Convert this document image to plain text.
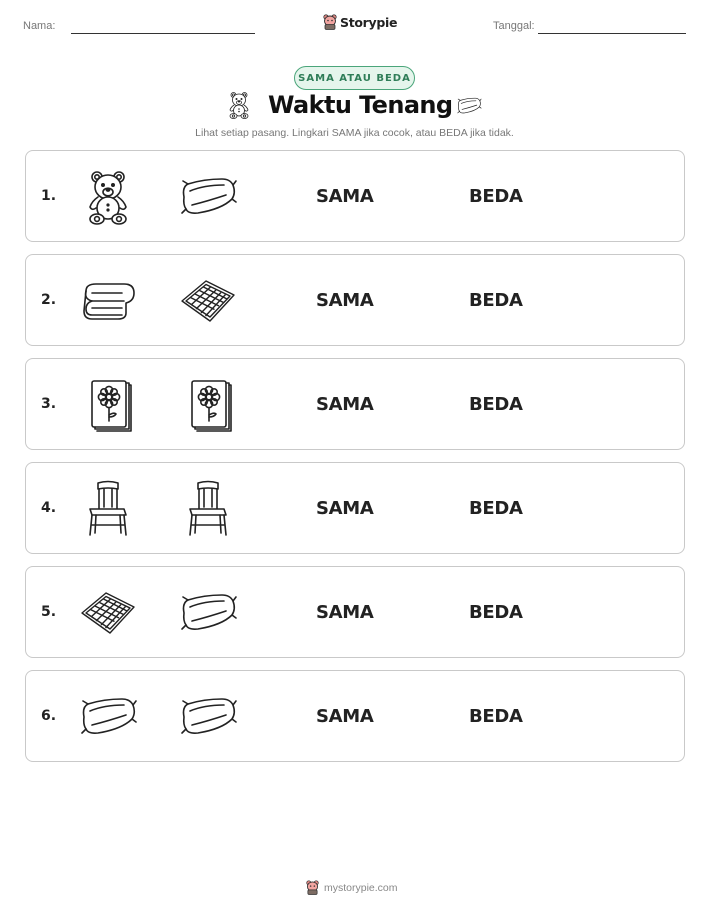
Nama:	Storypie	Tanggal:
SAMA ATAU BEDA
Waktu Tenang
Lihat setiap pasang. Lingkari SAMA jika cocok, atau BEDA jika tidak.
1.	SAMA	BEDA
2.	SAMA	BEDA
3.	SAMA	BEDA
4.	SAMA	BEDA
5.	SAMA	BEDA
6.	SAMA	BEDA
mystorypie.com
